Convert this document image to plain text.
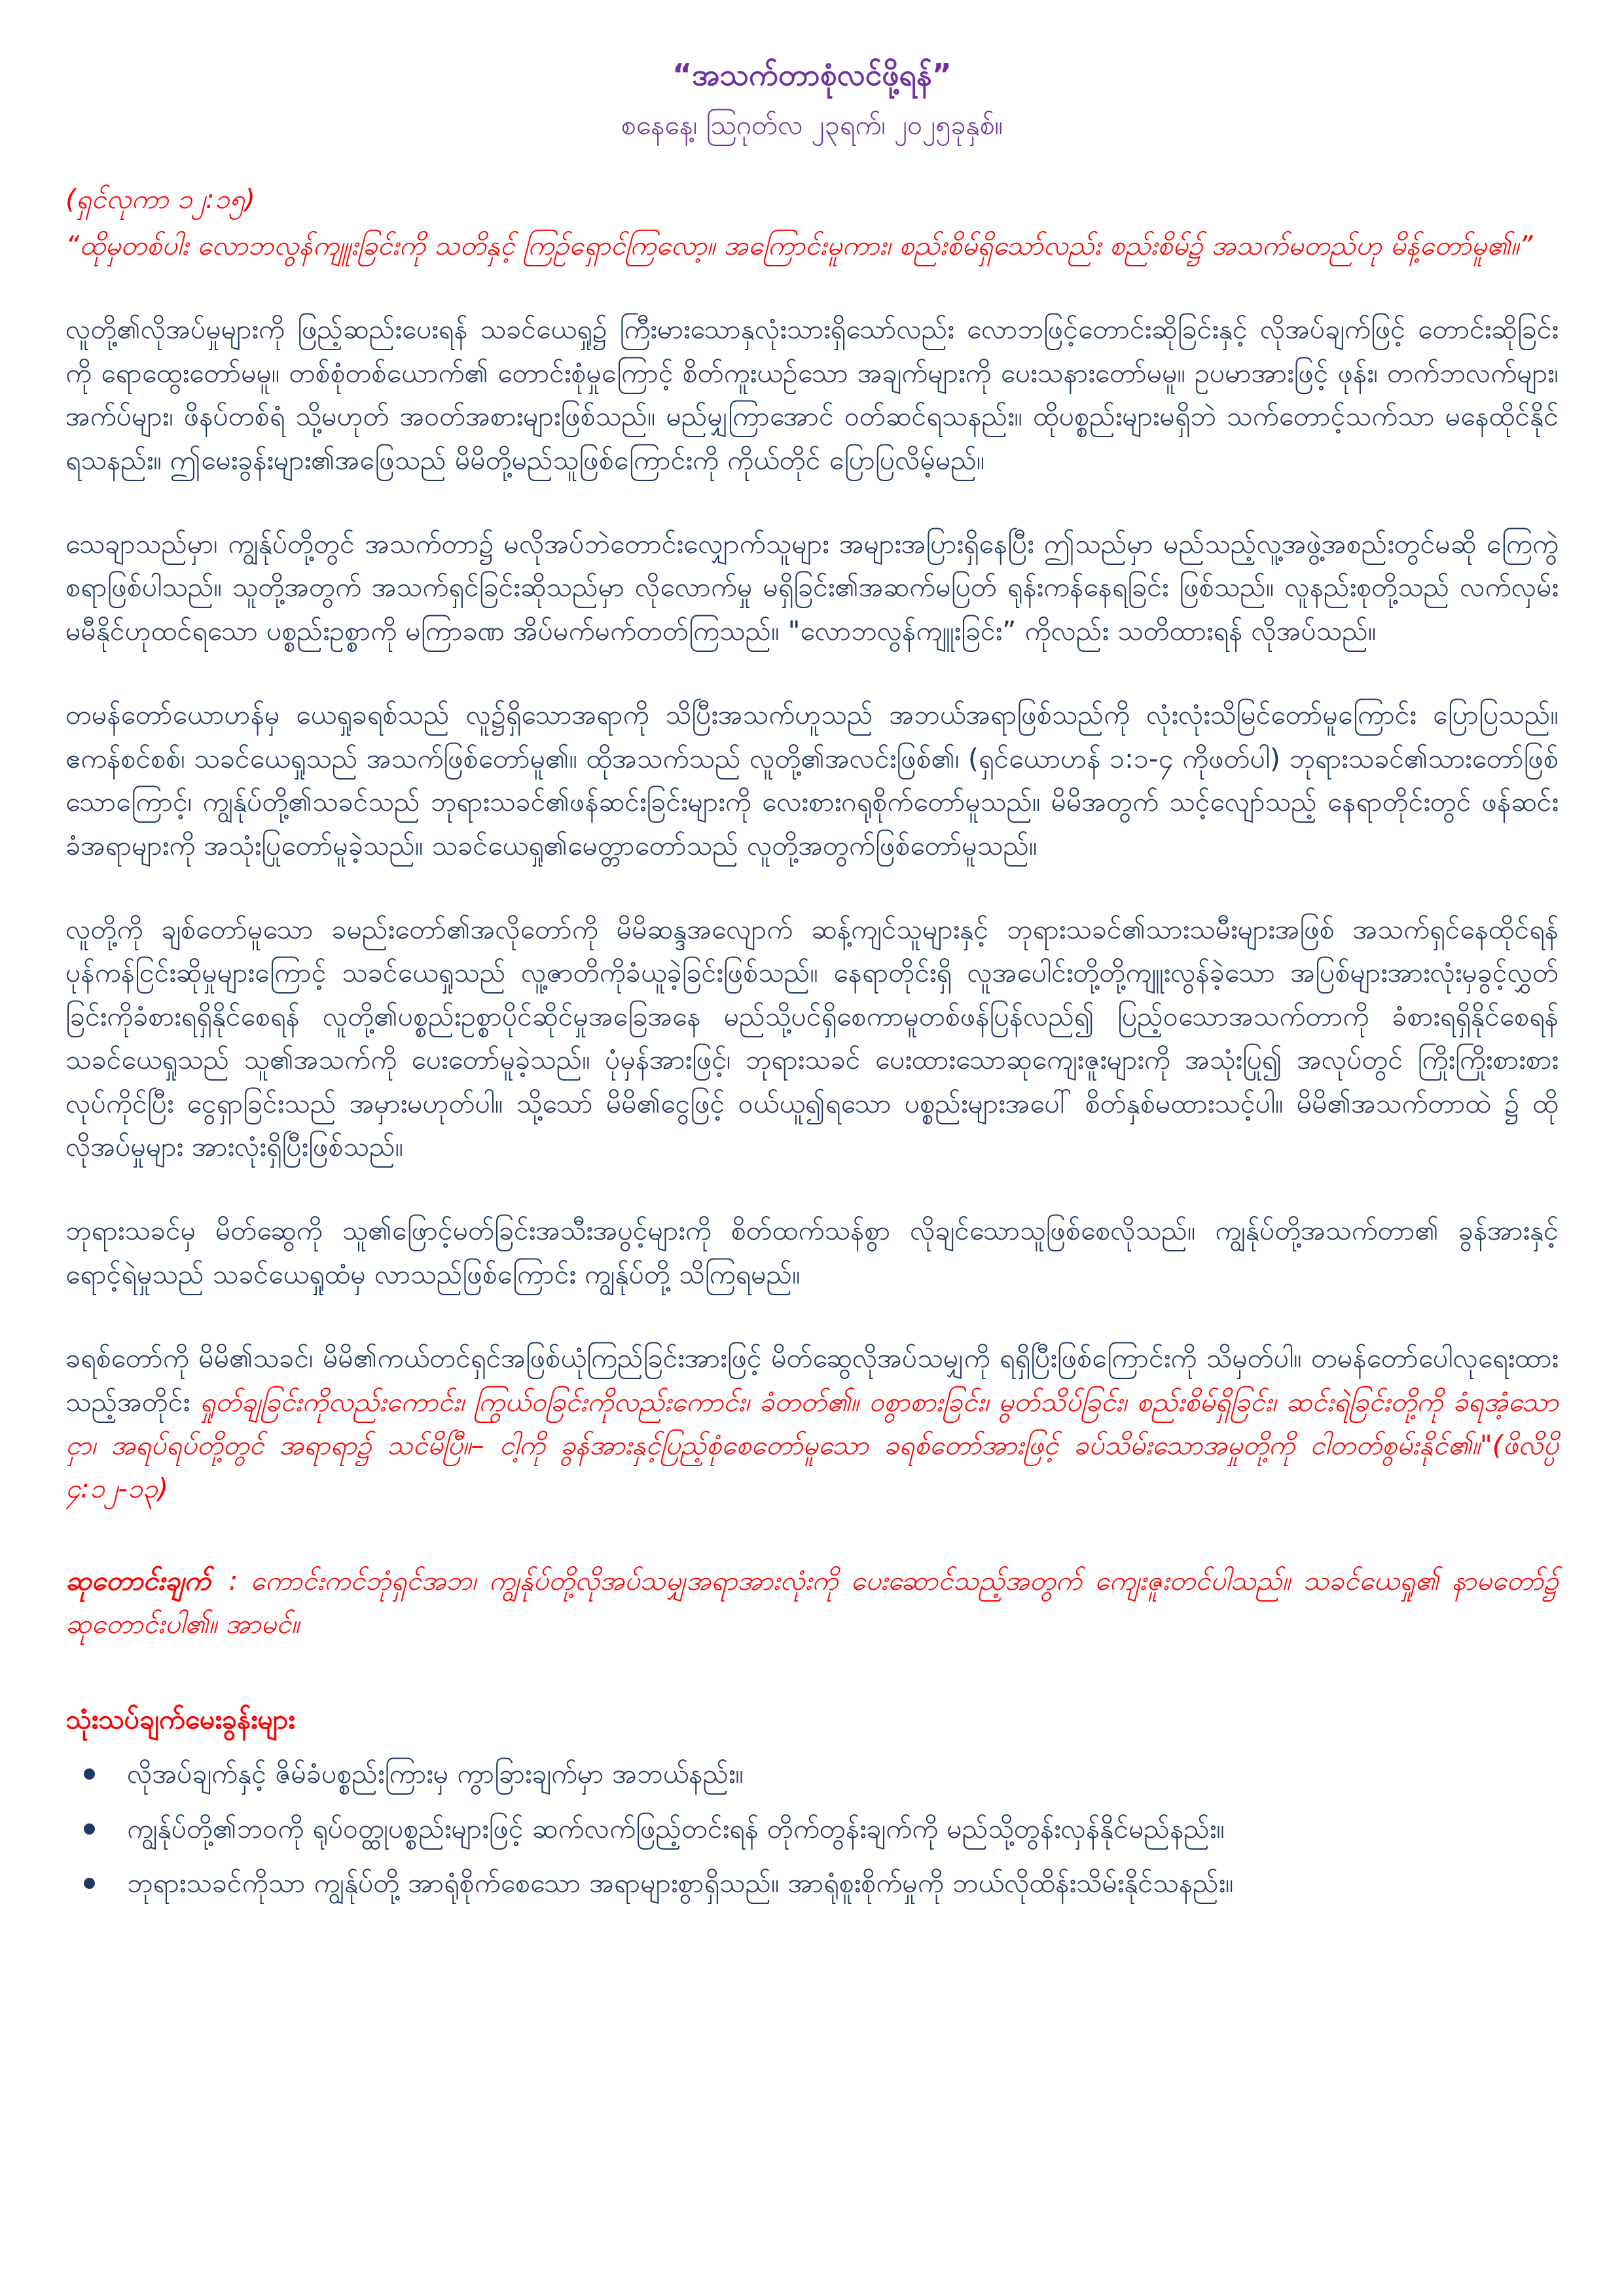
“အသက်တာစုံလင်ဖို့ရန်”
စနေနေ့၊ သြဂုတ်လ ၂၃ရက်၊ ၂၀၂၅ခုနှစ်။
(ရှင်လုကာ ၁၂:၁၅)
“ထိုမှတစ်ပါး လောဘလွန်ကျူးခြင်းကို သတိနှင့် ကြဉ်ရှောင်ကြလော့။ အကြောင်းမူကား၊ စည်းစိမ်ရှိသော်လည်း စည်းစိမ်၌ အသက်မတည်ဟု မိန့်တော်မူ၏။”
လူတို့၏လိုအပ်မှုများကို ဖြည့်ဆည်းပေးရန် သခင်ယေရှု၌ ကြီးမားသောနှလုံးသားရှိသော်လည်း လောဘဖြင့်တောင်းဆိုခြင်းနှင့် လိုအပ်ချက်ဖြင့် တောင်းဆိုခြင်းကို ရောထွေးတော်မမူ။ တစ်စုံတစ်ယောက်၏ တောင်းစုံမှုကြောင့် စိတ်ကူးယဉ်သော အချက်များကို ပေးသနားတော်မမူ။ ဥပမာအားဖြင့် ဖုန်း၊ တက်ဘလက်များ၊ အက်ပ်များ၊ ဖိနပ်တစ်ရံ သို့မဟုတ် အဝတ်အစားများဖြစ်သည်။ မည်မျှကြာအောင် ဝတ်ဆင်ရသနည်း။ ထိုပစ္စည်းများမရှိဘဲ သက်တောင့်သက်သာ မနေထိုင်နိုင်ရသနည်း။ ဤမေးခွန်းများ၏အဖြေသည် မိမိတို့မည်သူဖြစ်ကြောင်းကို ကိုယ်တိုင် ပြောပြလိမ့်မည်။
သေချာသည်မှာ၊ ကျွန်ုပ်တို့တွင် အသက်တာ၌ မလိုအပ်ဘဲတောင်းလျှောက်သူများ အများအပြားရှိနေပြီး ဤသည်မှာ မည်သည့်လူ့အဖွဲ့အစည်းတွင်မဆို ကြေကွဲစရာဖြစ်ပါသည်။ သူတို့အတွက် အသက်ရှင်ခြင်းဆိုသည်မှာ လိုလောက်မှု မရှိခြင်း၏အဆက်မပြတ် ရုန်းကန်နေရခြင်း ဖြစ်သည်။ လူနည်းစုတို့သည် လက်လှမ်းမမီနိုင်ဟုထင်ရသော ပစ္စည်းဥစ္စာကို မကြာခဏ အိပ်မက်မက်တတ်ကြသည်။ "လောဘလွန်ကျူးခြင်း” ကိုလည်း သတိထားရန် လိုအပ်သည်။
တမန်တော်ယောဟန်မှ ယေရှုခရစ်သည် လူ၌ရှိသောအရာကို သိပြီးအသက်ဟူသည် အဘယ်အရာဖြစ်သည်ကို လုံးလုံးသိမြင်တော်မူကြောင်း ပြောပြသည်။ ဧကန်စင်စစ်၊ သခင်ယေရှုသည် အသက်ဖြစ်တော်မူ၏။ ထိုအသက်သည် လူတို့၏အလင်းဖြစ်၏၊ (ရှင်ယောဟန် ၁:၁-၄ ကိုဖတ်ပါ) ဘုရားသခင်၏သားတော်ဖြစ်သောကြောင့်၊ ကျွန်ုပ်တို့၏သခင်သည် ဘုရားသခင်၏ဖန်ဆင်းခြင်းများကို လေးစားဂရုစိုက်တော်မူသည်။ မိမိအတွက် သင့်လျော်သည့် နေရာတိုင်းတွင် ဖန်ဆင်းခံအရာများကို အသုံးပြုတော်မူခဲ့သည်။ သခင်ယေရှု၏မေတ္တာတော်သည် လူတို့အတွက်ဖြစ်တော်မူသည်။
လူတို့ကို ချစ်တော်မူသော ခမည်းတော်၏အလိုတော်ကို မိမိဆန္ဒအလျောက် ဆန့်ကျင်သူများနှင့် ဘုရားသခင်၏သားသမီးများအဖြစ် အသက်ရှင်နေထိုင်ရန် ပုန်ကန်ငြင်းဆိုမှုများကြောင့် သခင်ယေရှုသည် လူ့ဇာတိကိုခံယူခဲ့ခြင်းဖြစ်သည်။ နေရာတိုင်းရှိ လူအပေါင်းတို့တို့ကျူးလွန်ခဲ့သော အပြစ်များအားလုံးမှခွင့်လွှတ်ခြင်းကိုခံစားရရှိနိုင်စေရန် လူတို့၏ပစ္စည်းဥစ္စာပိုင်ဆိုင်မှုအခြေအနေ မည်သို့ပင်ရှိစေကာမူတစ်ဖန်ပြန်လည်၍ ပြည့်ဝသောအသက်တာကို ခံစားရရှိနိုင်စေရန် သခင်ယေရှုသည် သူ၏အသက်ကို ပေးတော်မူခဲ့သည်။ ပုံမှန်အားဖြင့်၊ ဘုရားသခင် ပေးထားသောဆုကျေးဇူးများကို အသုံးပြု၍ အလုပ်တွင် ကြိုးကြိုးစားစားလုပ်ကိုင်ပြီး ငွေရှာခြင်းသည် အမှားမဟုတ်ပါ။ သို့သော် မိမိ၏ငွေဖြင့် ဝယ်ယူ၍ရသော ပစ္စည်းများအပေါ် စိတ်နှစ်မထားသင့်ပါ။ မိမိ၏အသက်တာထဲ ၌ ထိုလိုအပ်မှုများ အားလုံးရှိပြီးဖြစ်သည်။
ဘုရားသခင်မှ မိတ်ဆွေကို သူ၏ဖြောင့်မတ်ခြင်းအသီးအပွင့်များကို စိတ်ထက်သန်စွာ လိုချင်သောသူဖြစ်စေလိုသည်။ ကျွန်ုပ်တို့အသက်တာ၏ ခွန်အားနှင့် ရောင့်ရဲမှုသည် သခင်ယေရှုထံမှ လာသည်ဖြစ်ကြောင်း ကျွန်ုပ်တို့ သိကြရမည်။
ခရစ်တော်ကို မိမိ၏သခင်၊ မိမိ၏ကယ်တင်ရှင်အဖြစ်ယုံကြည်ခြင်းအားဖြင့် မိတ်ဆွေလိုအပ်သမျှကို ရရှိပြီးဖြစ်ကြောင်းကို သိမှတ်ပါ။ တမန်တော်ပေါလုရေးထားသည့်အတိုင်း ရှုတ်ချခြင်းကိုလည်းကောင်း၊ ကြွယ်ဝခြင်းကိုလည်းကောင်း၊ ခံတတ်၏။ ဝစွာစားခြင်း၊ မွတ်သိပ်ခြင်း၊ စည်းစိမ်ရှိခြင်း၊ ဆင်းရဲခြင်းတို့ကို ခံရအံ့သောငှာ၊ အရပ်ရပ်တို့တွင် အရာရာ၌ သင်မိပြီ။– ငါ့ကို ခွန်အားနှင့်ပြည့်စုံစေတော်မူသော ခရစ်တော်အားဖြင့် ခပ်သိမ်းသောအမှုတို့ကို ငါတတ်စွမ်းနိုင်၏။"(ဖိလိပ္ပိ ၄:၁၂-၁၃)
ဆုတောင်းချက် : ကောင်းကင်ဘုံရှင်အဘ၊ ကျွန်ုပ်တို့လိုအပ်သမျှအရာအားလုံးကို ပေးဆောင်သည့်အတွက် ကျေးဇူးတင်ပါသည်။ သခင်ယေရှု၏ နာမတော်၌ ဆုတောင်းပါ၏။ အာမင်။
သုံးသပ်ချက်မေးခွန်းများ
လိုအပ်ချက်နှင့် ဇိမ်ခံပစ္စည်းကြားမှ ကွာခြားချက်မှာ အဘယ်နည်း။
ကျွန်ုပ်တို့၏ဘဝကို ရုပ်ဝတ္ထုပစ္စည်းများဖြင့် ဆက်လက်ဖြည့်တင်းရန် တိုက်တွန်းချက်ကို မည်သို့တွန်းလှန်နိုင်မည်နည်း။
ဘုရားသခင်ကိုသာ ကျွန်ုပ်တို့ အာရုံစိုက်စေသော အရာများစွာရှိသည်။ အာရုံစူးစိုက်မှုကို ဘယ်လိုထိန်းသိမ်းနိုင်သနည်း။
